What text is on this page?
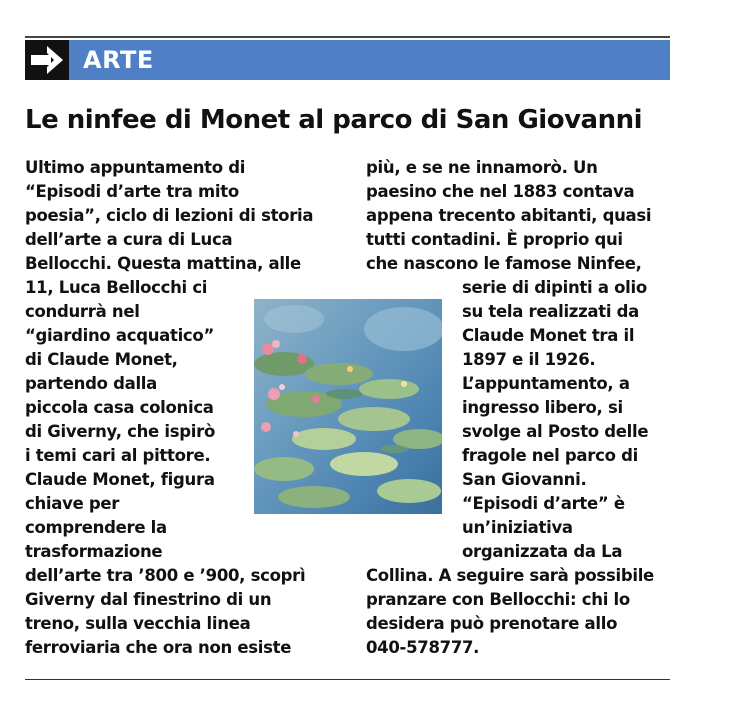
ARTE
Le ninfee di Monet al parco di San Giovanni
Ultimo appuntamento di
“Episodi d’arte tra mito
poesia”, ciclo di lezioni di storia
dell’arte a cura di Luca
Bellocchi. Questa mattina, alle
11, Luca Bellocchi ci
condurrà nel
“giardino acquatico”
di Claude Monet,
partendo dalla
piccola casa colonica
di Giverny, che ispirò
i temi cari al pittore.
Claude Monet, figura
chiave per
comprendere la
trasformazione
dell’arte tra ’800 e ’900, scoprì
Giverny dal finestrino di un
treno, sulla vecchia linea
ferroviaria che ora non esiste
più, e se ne innamorò. Un
paesino che nel 1883 contava
appena trecento abitanti, quasi
tutti contadini. È proprio qui
che nascono le famose Ninfee,
serie di dipinti a olio
su tela realizzati da
Claude Monet tra il
1897 e il 1926.
L’appuntamento, a
ingresso libero, si
svolge al Posto delle
fragole nel parco di
San Giovanni.
“Episodi d’arte” è
un’iniziativa
organizzata da La
Collina. A seguire sarà possibile
pranzare con Bellocchi: chi lo
desidera può prenotare allo
040-578777.
